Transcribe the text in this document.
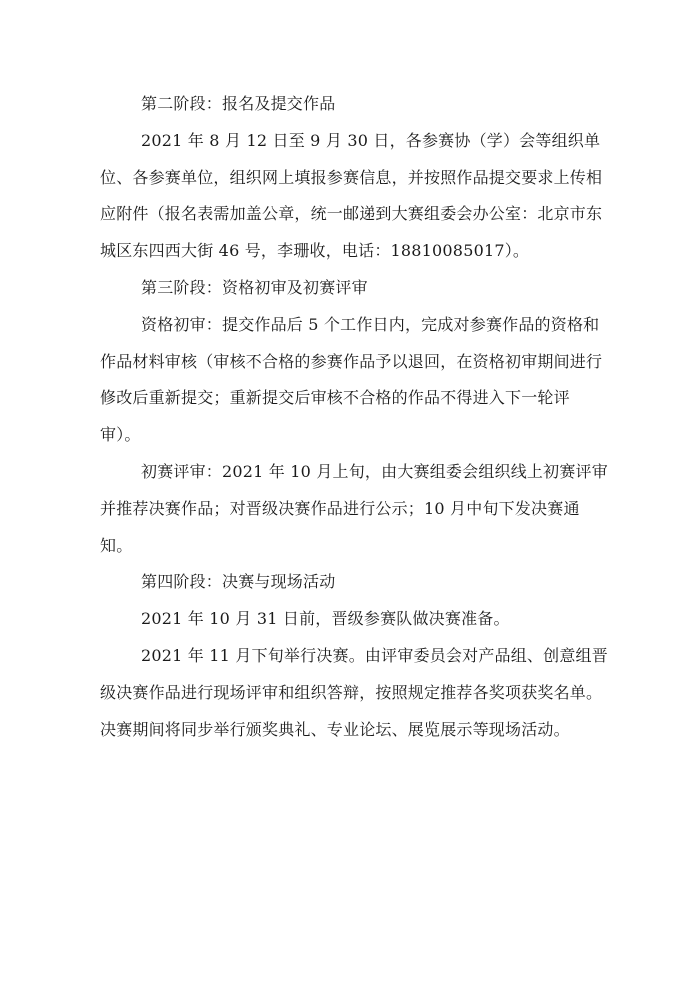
第二阶段：报名及提交作品

2021 年 8 月 12 日至 9 月 30 日，各参赛协（学）会等组织单位、各参赛单位，组织网上填报参赛信息，并按照作品提交要求上传相应附件（报名表需加盖公章，统一邮递到大赛组委会办公室：北京市东城区东四西大街 46 号，李珊收，电话：18810085017）。

第三阶段：资格初审及初赛评审

资格初审：提交作品后 5 个工作日内，完成对参赛作品的资格和作品材料审核（审核不合格的参赛作品予以退回，在资格初审期间进行修改后重新提交；重新提交后审核不合格的作品不得进入下一轮评审）。

初赛评审：2021 年 10 月上旬，由大赛组委会组织线上初赛评审并推荐决赛作品；对晋级决赛作品进行公示；10 月中旬下发决赛通知。

第四阶段：决赛与现场活动

2021 年 10 月 31 日前，晋级参赛队做决赛准备。

2021 年 11 月下旬举行决赛。由评审委员会对产品组、创意组晋级决赛作品进行现场评审和组织答辩，按照规定推荐各奖项获奖名单。决赛期间将同步举行颁奖典礼、专业论坛、展览展示等现场活动。
